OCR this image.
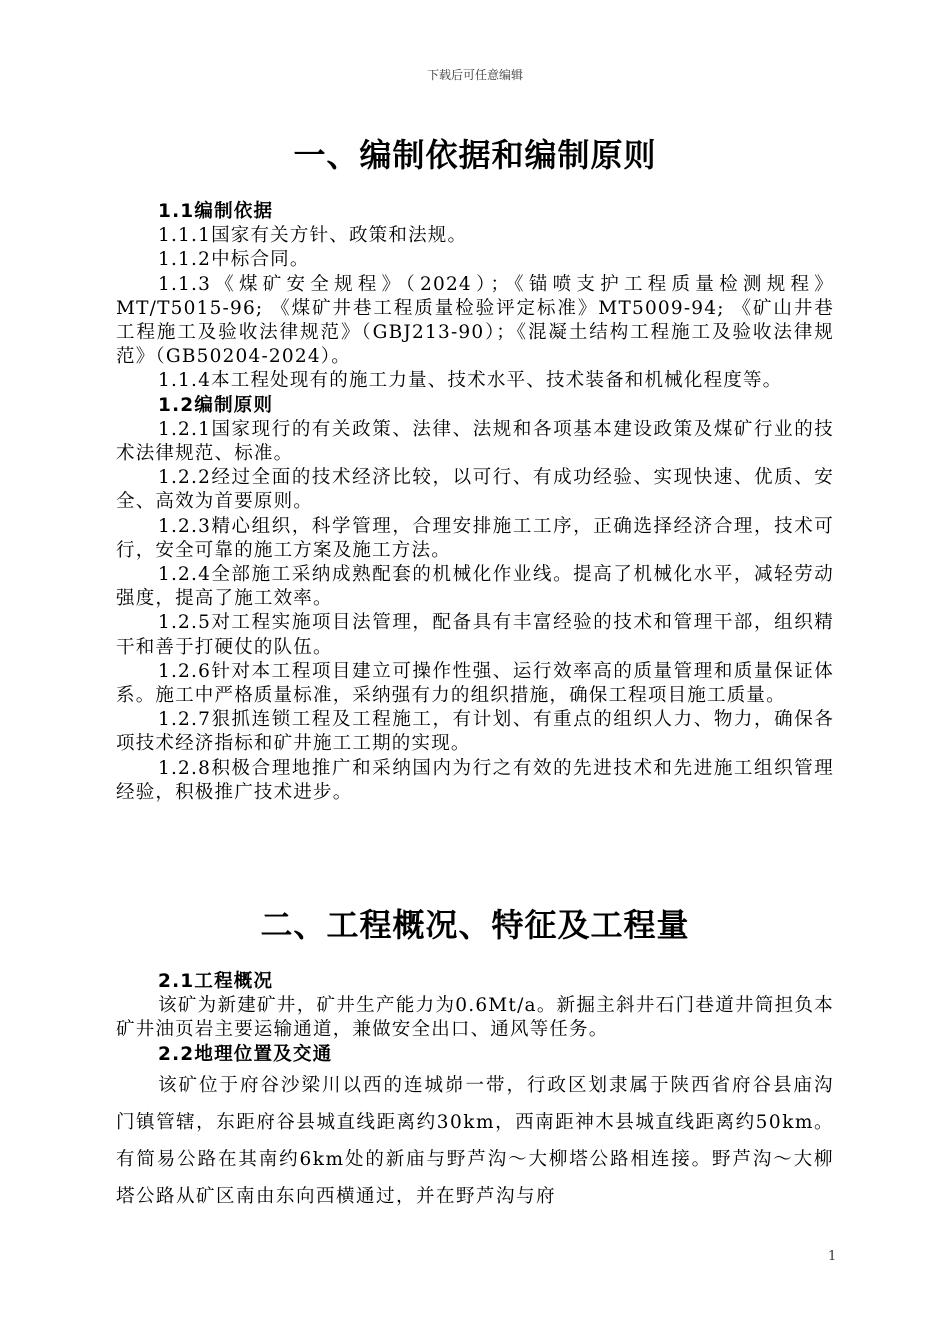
下载后可任意编辑
一、编制依据和编制原则

1.1编制依据

1.1.1国家有关方针、政策和法规。

1.1.2中标合同。

1.1.3《煤矿安全规程》（2024）；《锚喷支护工程质量检测规程》MT/T5015-96; 《煤矿井巷工程质量检验评定标准》MT5009-94; 《矿山井巷工程施工及验收法律规范》（GBJ213-90）；《混凝土结构工程施工及验收法律规范》（GB50204-2024）。

1.1.4本工程处现有的施工力量、技术水平、技术装备和机械化程度等。

1.2编制原则

1.2.1国家现行的有关政策、法律、法规和各项基本建设政策及煤矿行业的技术法律规范、标准。

1.2.2经过全面的技术经济比较，以可行、有成功经验、实现快速、优质、安全、高效为首要原则。

1.2.3精心组织，科学管理，合理安排施工工序，正确选择经济合理，技术可行，安全可靠的施工方案及施工方法。

1.2.4全部施工采纳成熟配套的机械化作业线。提高了机械化水平，减轻劳动强度，提高了施工效率。

1.2.5对工程实施项目法管理，配备具有丰富经验的技术和管理干部，组织精干和善于打硬仗的队伍。

1.2.6针对本工程项目建立可操作性强、运行效率高的质量管理和质量保证体系。施工中严格质量标准，采纳强有力的组织措施，确保工程项目施工质量。

1.2.7狠抓连锁工程及工程施工，有计划、有重点的组织人力、物力，确保各项技术经济指标和矿井施工工期的实现。

1.2.8积极合理地推广和采纳国内为行之有效的先进技术和先进施工组织管理经验，积极推广技术进步。

二、工程概况、特征及工程量

2.1工程概况

该矿为新建矿井，矿井生产能力为0.6Mt/a。新掘主斜井石门巷道井筒担负本矿井油页岩主要运输通道，兼做安全出口、通风等任务。

2.2地理位置及交通

该矿位于府谷沙梁川以西的连城峁一带，行政区划隶属于陕西省府谷县庙沟门镇管辖，东距府谷县城直线距离约30km，西南距神木县城直线距离约50km。有简易公路在其南约6km处的新庙与野芦沟～大柳塔公路相连接。野芦沟～大柳塔公路从矿区南由东向西横通过，并在野芦沟与府

1
